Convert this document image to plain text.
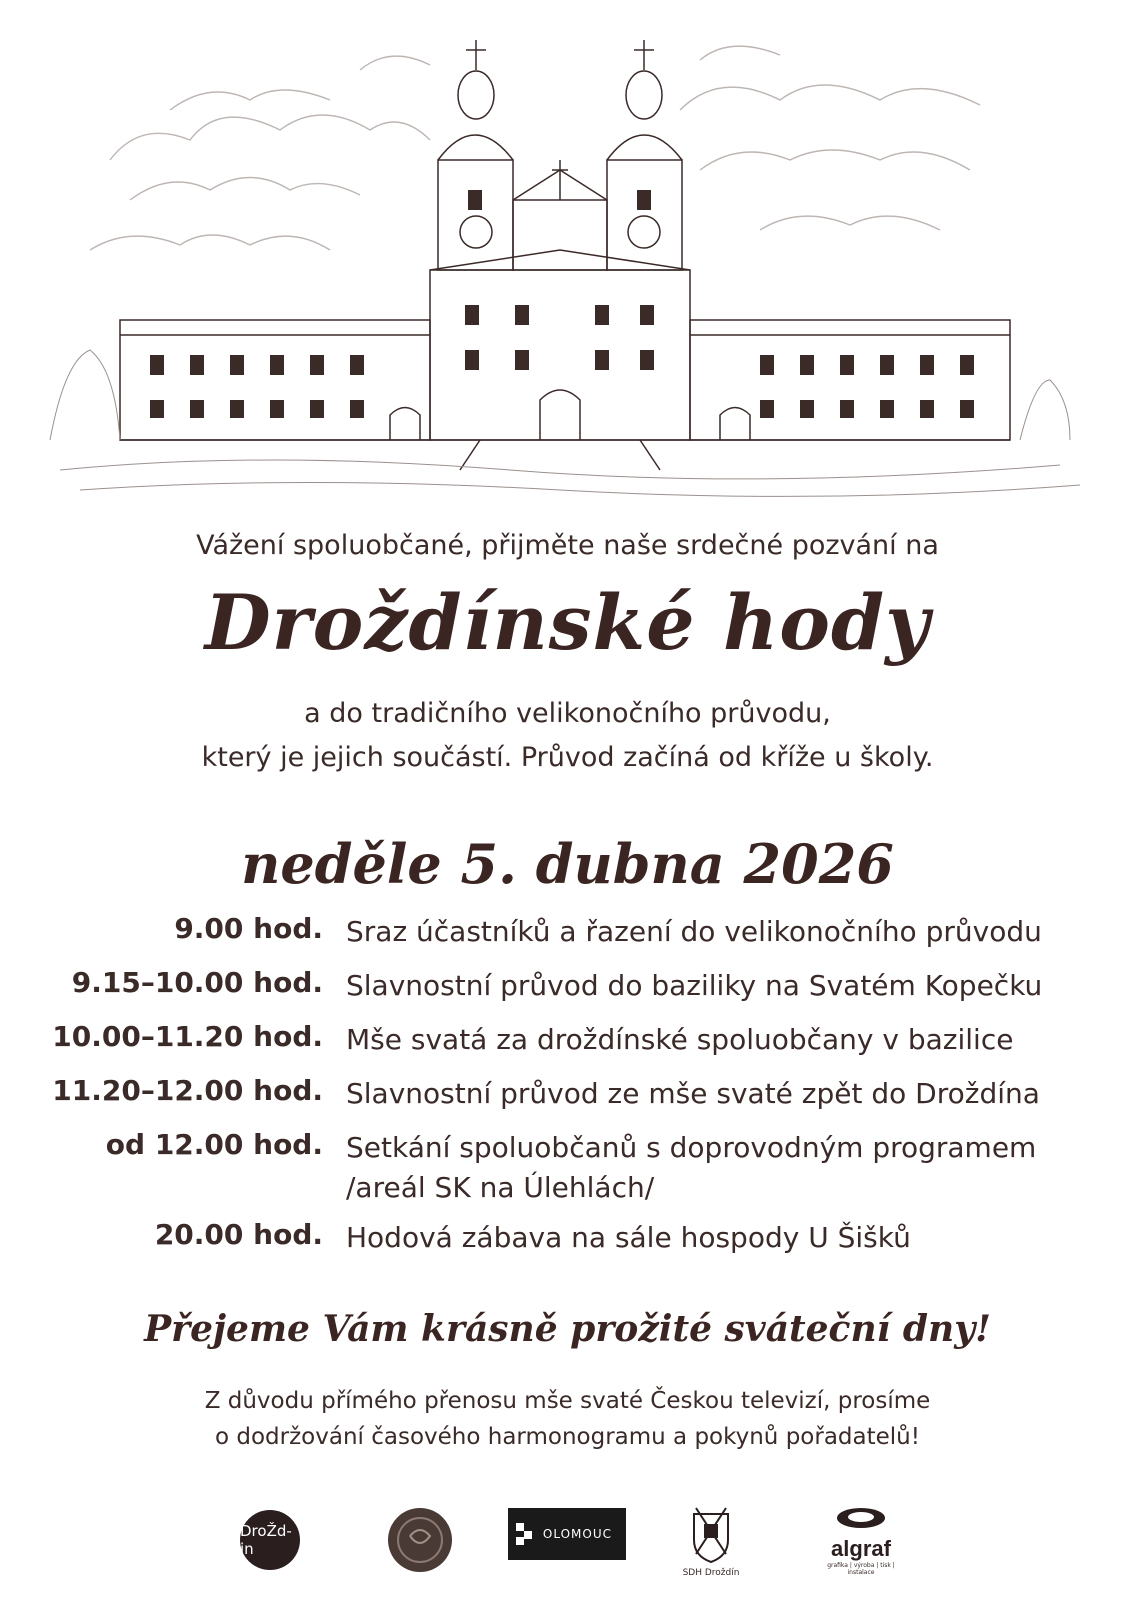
Vážení spoluobčané, přijměte naše srdečné pozvání na
Droždínské hody
a do tradičního velikonočního průvodu,
který je jejich součástí. Průvod začíná od kříže u školy.
neděle 5. dubna 2026
9.00 hod. Sraz účastníků a řazení do velikonočního průvodu
9.15–10.00 hod. Slavnostní průvod do baziliky na Svatém Kopečku
10.00–11.20 hod. Mše svatá za droždínské spoluobčany v bazilice
11.20–12.00 hod. Slavnostní průvod ze mše svaté zpět do Droždína
od 12.00 hod. Setkání spoluobčanů s doprovodným programem
/areál SK na Úlehlách/
20.00 hod. Hodová zábava na sále hospody U Šišků
Přejeme Vám krásně prožité sváteční dny!
Z důvodu přímého přenosu mše svaté Českou televizí, prosíme
o dodržování časového harmonogramu a pokynů pořadatelů!
DroŽd-in
OLOMOUC
SDH Droždín
algraf
grafika | výroba | tisk | instalace
